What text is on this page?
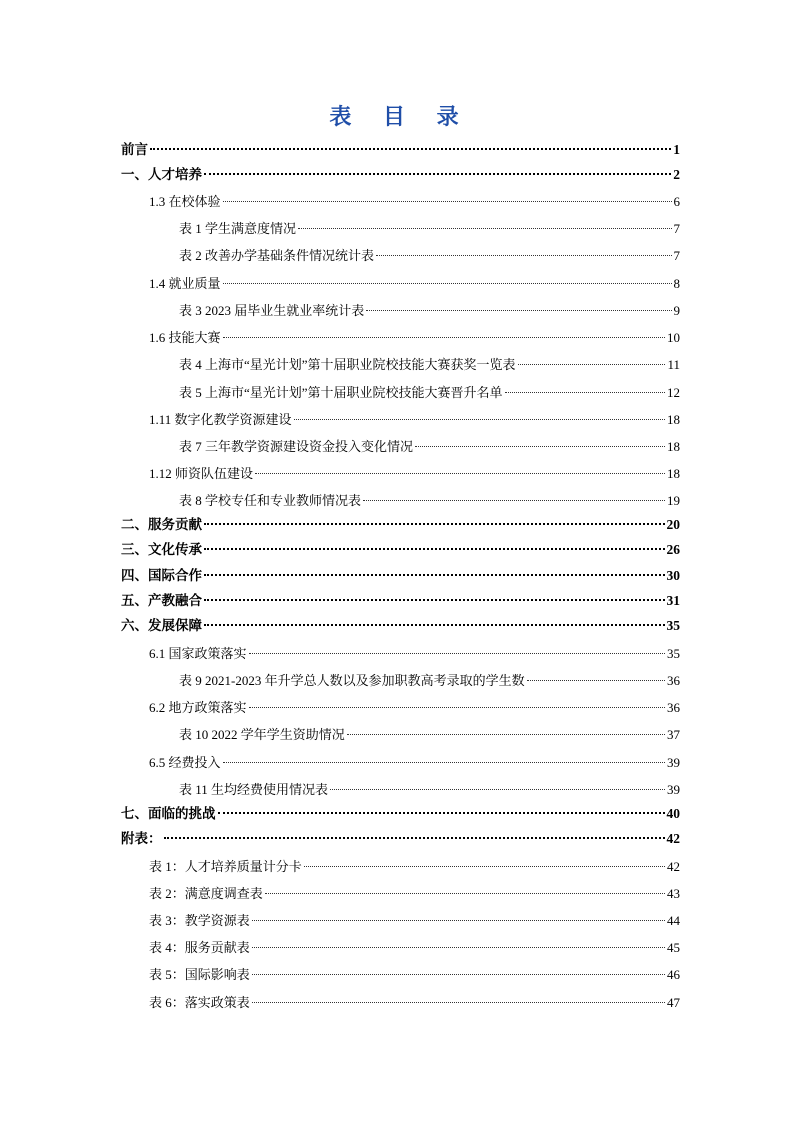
表 目 录
前言	1
一、人才培养	2
1.3 在校体验	6
表 1 学生满意度情况	7
表 2 改善办学基础条件情况统计表	7
1.4 就业质量	8
表 3 2023 届毕业生就业率统计表	9
1.6 技能大赛	10
表 4 上海市“星光计划”第十届职业院校技能大赛获奖一览表	11
表 5 上海市“星光计划”第十届职业院校技能大赛晋升名单	12
1.11 数字化教学资源建设	18
表 7 三年教学资源建设资金投入变化情况	18
1.12 师资队伍建设	18
表 8 学校专任和专业教师情况表	19
二、服务贡献	20
三、文化传承	26
四、国际合作	30
五、产教融合	31
六、发展保障	35
6.1 国家政策落实	35
表 9 2021-2023 年升学总人数以及参加职教高考录取的学生数	36
6.2 地方政策落实	36
表 10 2022 学年学生资助情况	37
6.5 经费投入	39
表 11 生均经费使用情况表	39
七、面临的挑战	40
附表：	42
表 1：人才培养质量计分卡	42
表 2：满意度调查表	43
表 3：教学资源表	44
表 4：服务贡献表	45
表 5：国际影响表	46
表 6：落实政策表	47
